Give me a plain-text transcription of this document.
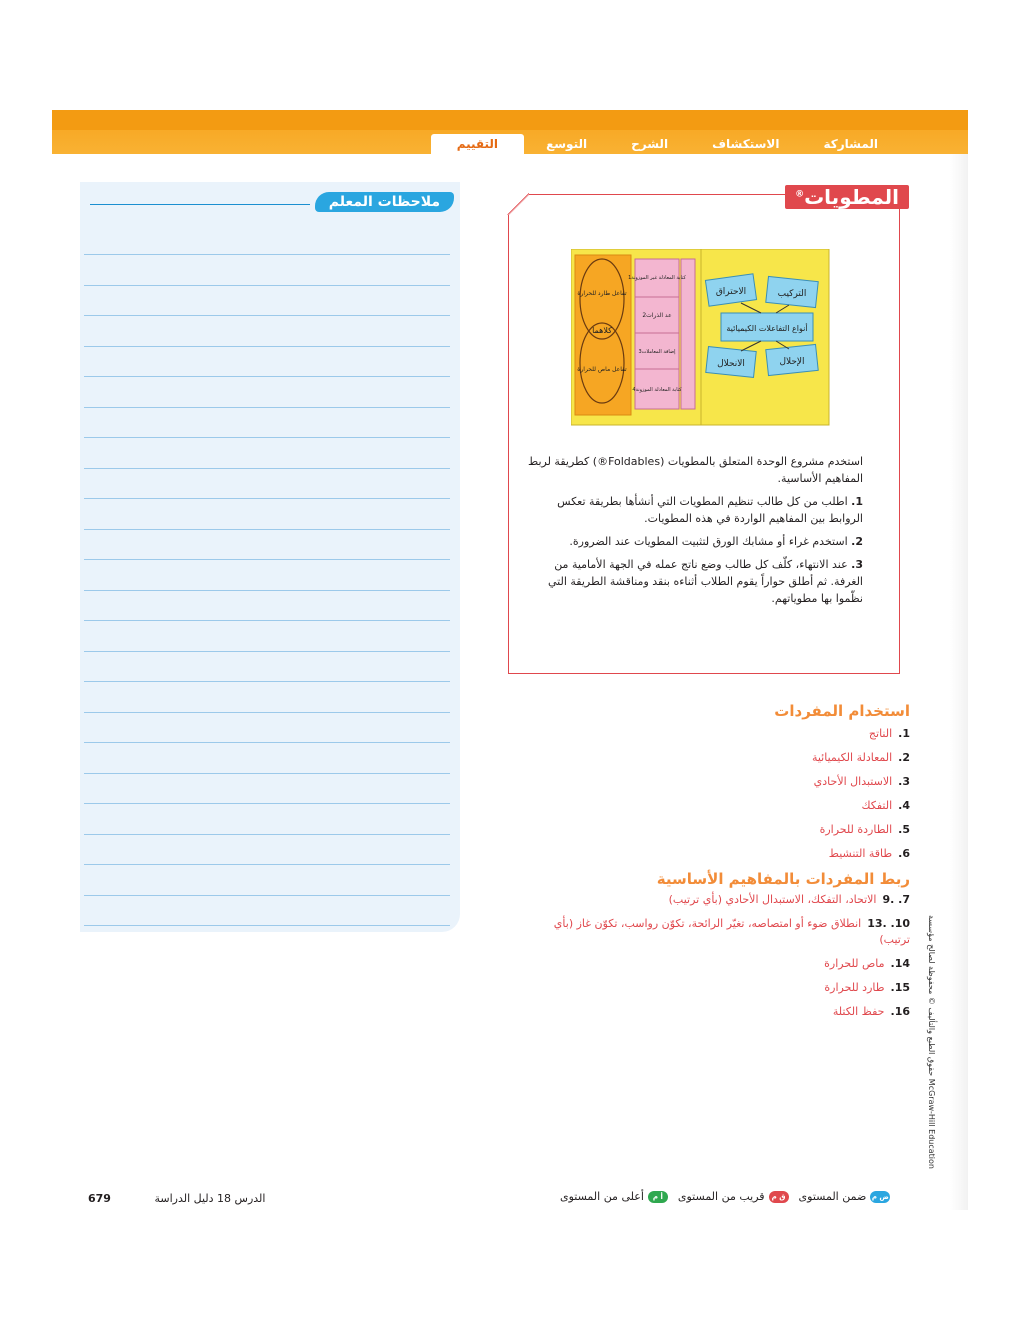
التقييم	التوسع	الشرح	الاستكشاف	المشاركة
ملاحظات المعلم	المطويات®
أنواع التفاعلات الكيميائية
التركيب
الاحتراق
الإحلال
الانحلال
تفاعل طارد للحرارة
كلاهما
تفاعل ماص للحرارة
1كتابة المعادلة غير الموزونة
2عد الذرات
3إضافة المعاملات
4كتابة المعادلة الموزونة

استخدم مشروع الوحدة المتعلق بالمطويات (Foldables®) كطريقة لربط المفاهيم الأساسية.

1. اطلب من كل طالب تنظيم المطويات التي أنشأها بطريقة تعكس الروابط بين المفاهيم الواردة في هذه المطويات.

2. استخدم غراء أو مشابك الورق لتثبيت المطويات عند الضرورة.

3. عند الانتهاء، كلّف كل طالب وضع ناتج عمله في الجهة الأمامية من الغرفة. ثم أطلق حواراً يقوم الطلاب أثناءه بنقد ومناقشة الطريقة التي نظّموا بها مطوياتهم.

استخدام المفردات
1.الناتج
2.المعادلة الكيميائية
3.الاستبدال الأحادي
4.التفكك
5.الطاردة للحرارة
6.طاقة التنشيط
ربط المفردات بالمفاهيم الأساسية
7. .9الاتحاد، التفكك، الاستبدال الأحادي (بأي ترتيب)
10. .13انطلاق ضوء أو امتصاصه، تغيّر الرائحة، تكوّن رواسب، تكوّن غاز (بأي ترتيب)
14.ماص للحرارة
15.طارد للحرارة
16.حفظ الكتلة	حقوق الطبع والتأليف © محفوظة لصالح مؤسسة McGraw-Hill Education
679	الدرس 18 دليل الدراسة	ض م
ضمن المستوى
ق م
قريب من المستوى
أ م
أعلى من المستوى
